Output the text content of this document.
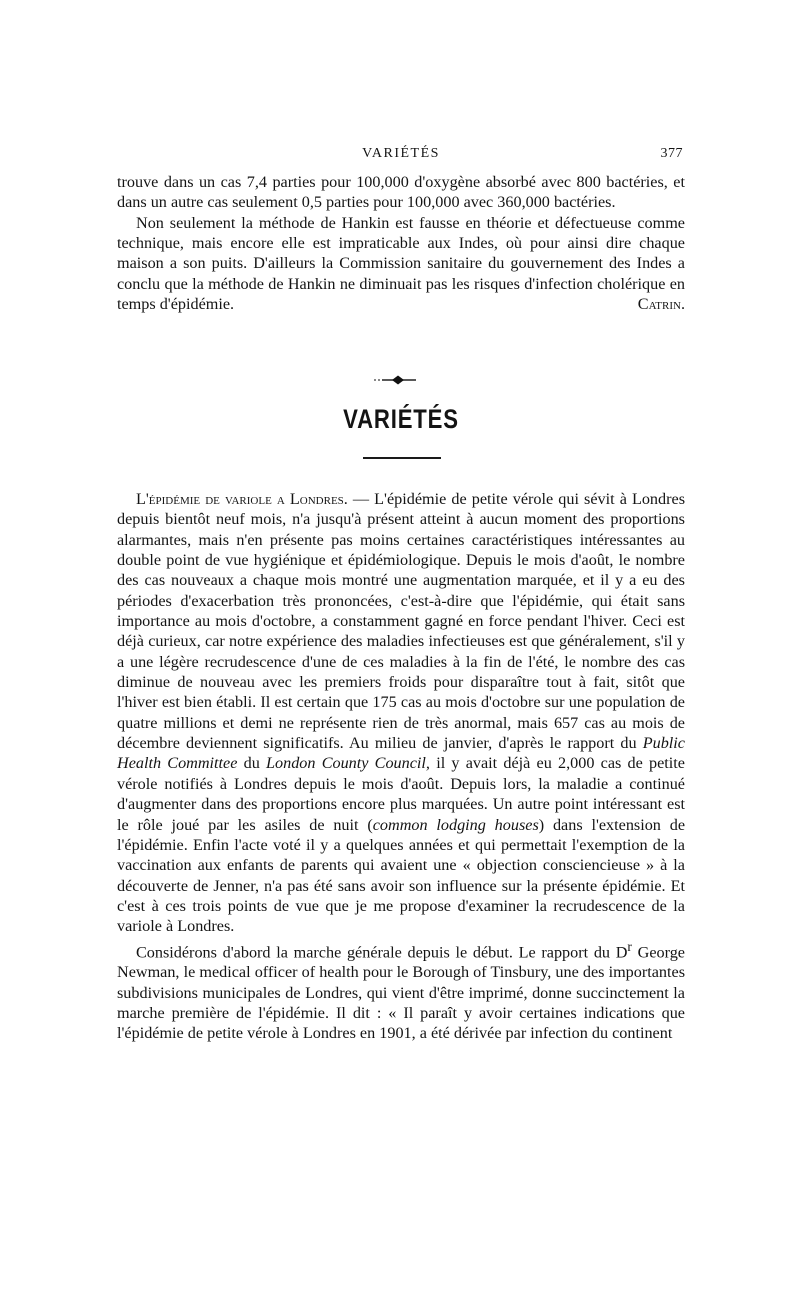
VARIÉTÉS	377

trouve dans un cas 7,4 parties pour 100,000 d'oxygène absorbé avec 800 bactéries, et dans un autre cas seulement 0,5 parties pour 100,000 avec 360,000 bactéries.

Non seulement la méthode de Hankin est fausse en théorie et défectueuse comme technique, mais encore elle est impraticable aux Indes, où pour ainsi dire chaque maison a son puits. D'ailleurs la Commission sanitaire du gouvernement des Indes a conclu que la méthode de Hankin ne diminuait pas les risques d'infection cholérique en temps d'épidémie.	Catrin.

VARIÉTÉS

L'épidémie de variole a Londres. — L'épidémie de petite vérole qui sévit à Londres depuis bientôt neuf mois, n'a jusqu'à présent atteint à aucun moment des proportions alarmantes, mais n'en présente pas moins certaines caractéristiques intéressantes au double point de vue hygiénique et épidémiologique. Depuis le mois d'août, le nombre des cas nouveaux a chaque mois montré une augmentation marquée, et il y a eu des périodes d'exacerbation très prononcées, c'est-à-dire que l'épidémie, qui était sans importance au mois d'octobre, a constamment gagné en force pendant l'hiver. Ceci est déjà curieux, car notre expérience des maladies infectieuses est que généralement, s'il y a une légère recrudescence d'une de ces maladies à la fin de l'été, le nombre des cas diminue de nouveau avec les premiers froids pour disparaître tout à fait, sitôt que l'hiver est bien établi. Il est certain que 175 cas au mois d'octobre sur une population de quatre millions et demi ne représente rien de très anormal, mais 657 cas au mois de décembre deviennent significatifs. Au milieu de janvier, d'après le rapport du Public Health Committee du London County Council, il y avait déjà eu 2,000 cas de petite vérole notifiés à Londres depuis le mois d'août. Depuis lors, la maladie a continué d'augmenter dans des proportions encore plus marquées. Un autre point intéressant est le rôle joué par les asiles de nuit (common lodging houses) dans l'extension de l'épidémie. Enfin l'acte voté il y a quelques années et qui permettait l'exemption de la vaccination aux enfants de parents qui avaient une « objection consciencieuse » à la découverte de Jenner, n'a pas été sans avoir son influence sur la présente épidémie. Et c'est à ces trois points de vue que je me propose d'examiner la recrudescence de la variole à Londres.

Considérons d'abord la marche générale depuis le début. Le rapport du $D^r$ George Newman, le medical officer of health pour le Borough of Tinsbury, une des importantes subdivisions municipales de Londres, qui vient d'être imprimé, donne succinctement la marche première de l'épidémie. Il dit : « Il paraît y avoir certaines indications que l'épidémie de petite vérole à Londres en 1901, a été dérivée par infection du continent
